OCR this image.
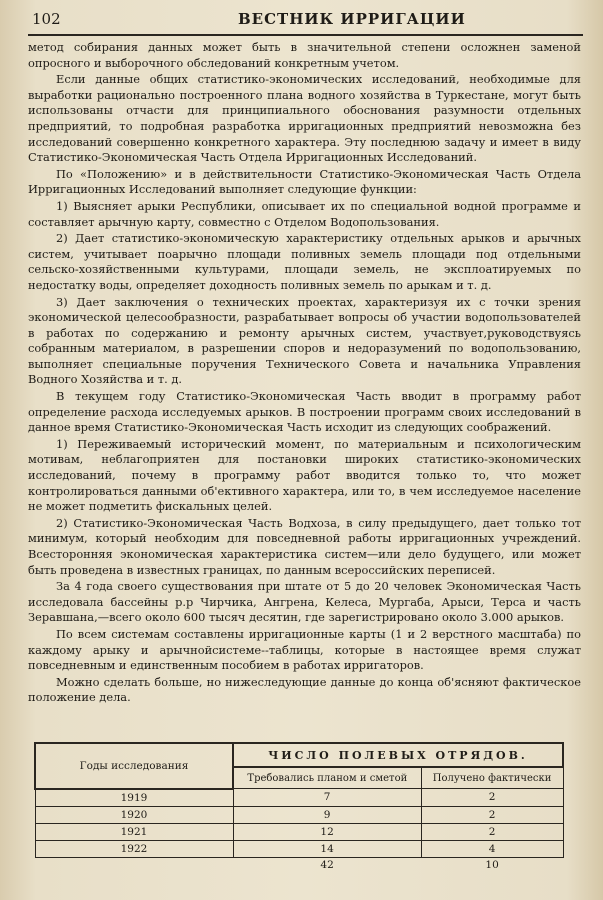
102	ВЕСТНИК ИРРИГАЦИИ

метод собирания данных может быть в значительной степени осложнен заменой опросного и выборочного обследований конкретным учетом.

Если данные общих статистико-экономических исследований, необходимые для выработки рационально построенного плана водного хозяйства в Туркестане, могут быть использованы отчасти для принципиального обоснования разумности отдельных предприятий, то подробная разработка ирригационных предприятий невозможна без исследований совершенно конкретного характера. Эту последнюю задачу и имеет в виду Статистико-Экономическая Часть Отдела Ирригационных Исследований.

По «Положению» и в действительности Статистико-Экономическая Часть Отдела Ирригационных Исследований выполняет следующие функции:

1) Выясняет арыки Республики, описывает их по специальной водной программе и составляет арычную карту, совместно с Отделом Водопользования.

2) Дает статистико-экономическую характеристику отдельных арыков и арычных систем, учитывает поарычно площади поливных земель площади под отдельными сельско-хозяйственными культурами, площади земель, не эксплоатируемых по недостатку воды, определяет доходность поливных земель по арыкам и т. д.

3) Дает заключения о технических проектах, характеризуя их с точки зрения экономической целесообразности, разрабатывает вопросы об участии водопользователей в работах по содержанию и ремонту арычных систем, участвует,руководствуясь собранным материалом, в разрешении споров и недоразумений по водопользованию, выполняет специальные поручения Технического Совета и начальника Управления Водного Хозяйства и т. д.

В текущем году Статистико-Экономическая Часть вводит в программу работ определение расхода исследуемых арыков. В построении программ своих исследований в данное время Статистико-Экономическая Часть исходит из следующих соображений.

1) Переживаемый исторический момент, по материальным и психологическим мотивам, неблагоприятен для постановки широких статистико-экономических исследований, почему в программу работ вводится только то, что может контролироваться данными об'ективного характера, или то, в чем исследуемое население не может подметить фискальных целей.

2) Статистико-Экономическая Часть Водхоза, в силу предыдущего, дает только тот минимум, который необходим для повседневной работы ирригационных учреждений. Всесторонняя экономическая характеристика систем—или дело будущего, или может быть проведена в известных границах, по данным всероссийских переписей.

За 4 года своего существования при штате от 5 до 20 человек Экономическая Часть исследовала бассейны р.р Чирчика, Ангрена, Келеса, Мургаба, Арыси, Терса и часть Зеравшана,—всего около 600 тысяч десятин, где зарегистрировано около 3.000 арыков.

По всем системам составлены ирригационные карты (1 и 2 верстного масштаба) по каждому арыку и арычнойсистеме--таблицы, которые в настоящее время служат повседневным и единственным пособием в работах ирригаторов.

Можно сделать больше, но нижеследующие данные до конца об'ясняют фактическое положение дела.

Годы исследования	ЧИСЛО ПОЛЕВЫХ ОТРЯДОВ.	
	Требовались планом и сметой	Получено фактически
1919	7	2
1920	9	2
1921	12	2
1922	14	4
	42	10
